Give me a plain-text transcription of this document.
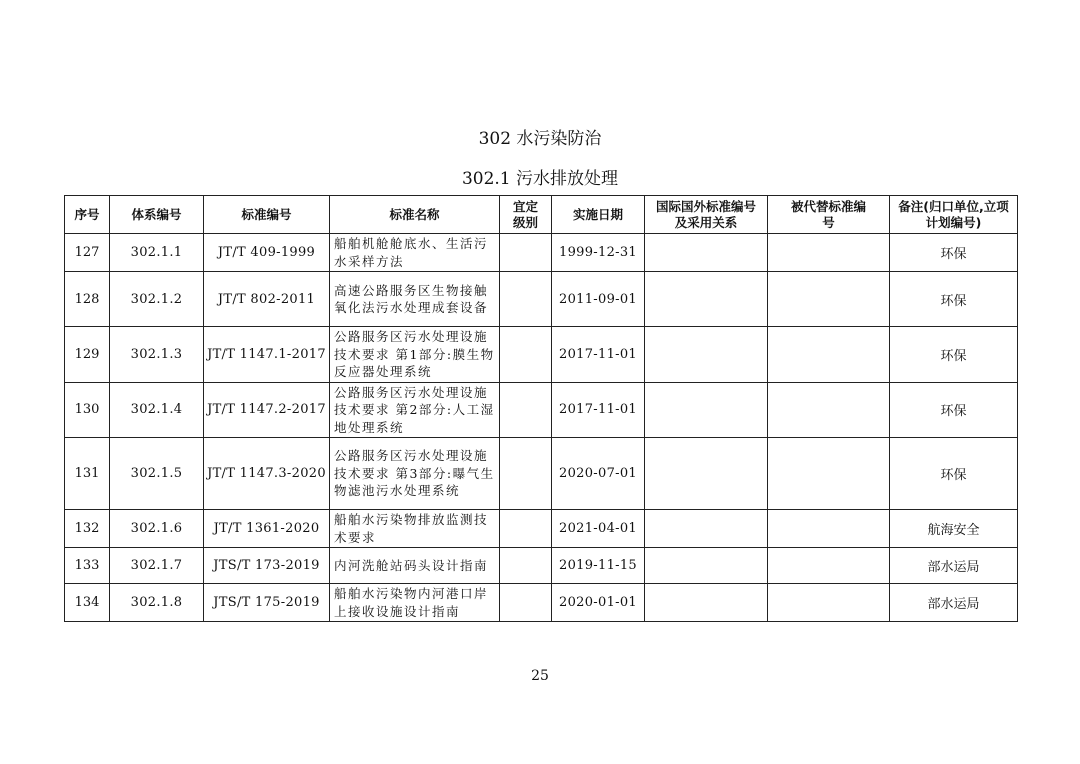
302 水污染防治
302.1 污水排放处理
序号	体系编号	标准编号	标准名称	宜定级别	实施日期	国际国外标准编号及采用关系	被代替标准编号	备注(归口单位,立项计划编号)
127	302.1.1	JT/T 409-1999	船舶机舱舱底水、生活污水采样方法		1999-12-31			环保
128	302.1.2	JT/T 802-2011	高速公路服务区生物接触氧化法污水处理成套设备		2011-09-01			环保
129	302.1.3	JT/T 1147.1-2017	公路服务区污水处理设施技术要求 第1部分:膜生物反应器处理系统		2017-11-01			环保
130	302.1.4	JT/T 1147.2-2017	公路服务区污水处理设施技术要求 第2部分:人工湿地处理系统		2017-11-01			环保
131	302.1.5	JT/T 1147.3-2020	公路服务区污水处理设施技术要求 第3部分:曝气生物滤池污水处理系统		2020-07-01			环保
132	302.1.6	JT/T 1361-2020	船舶水污染物排放监测技术要求		2021-04-01			航海安全
133	302.1.7	JTS/T 173-2019	内河洗舱站码头设计指南		2019-11-15			部水运局
134	302.1.8	JTS/T 175-2019	船舶水污染物内河港口岸上接收设施设计指南		2020-01-01			部水运局
25
